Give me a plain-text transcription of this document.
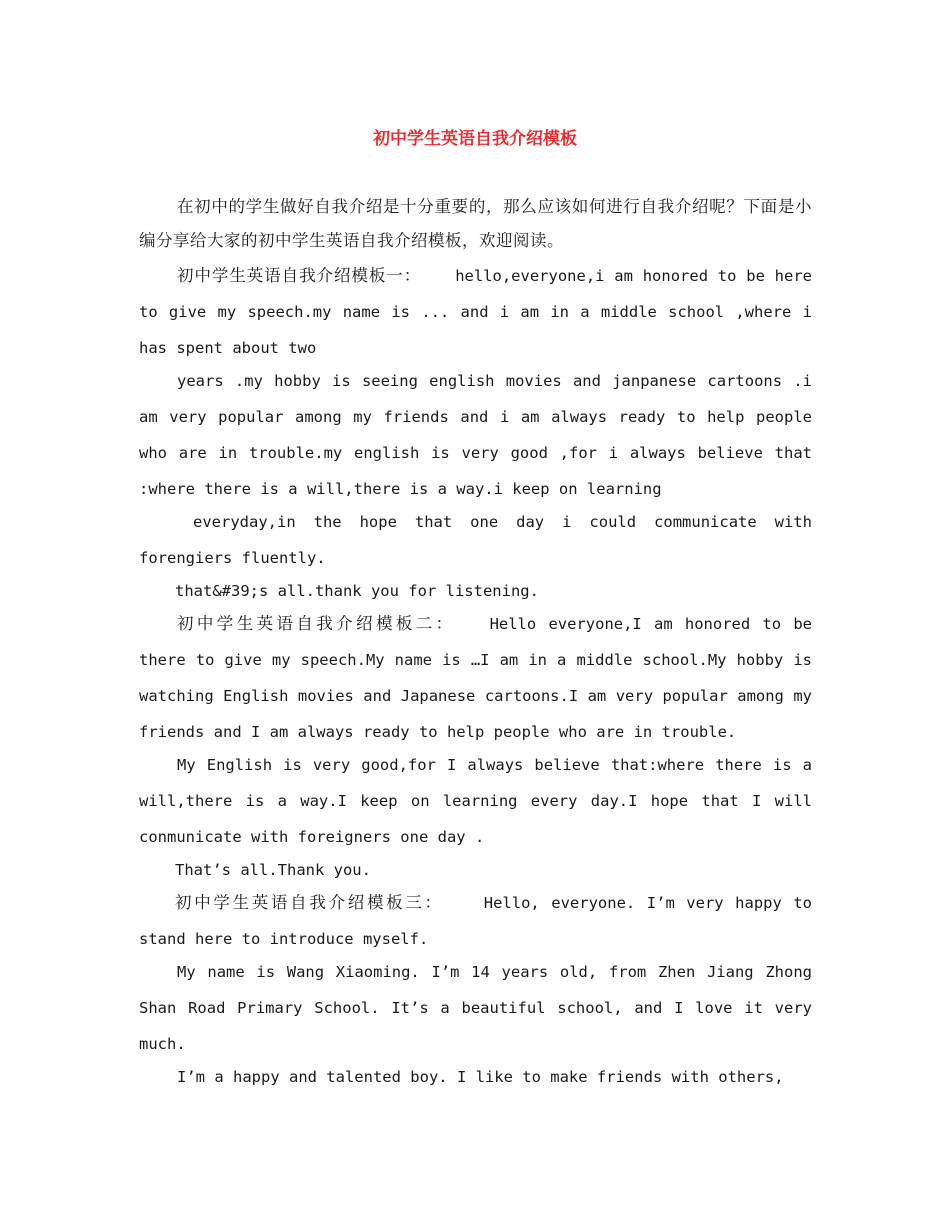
初中学生英语自我介绍模板

在初中的学生做好自我介绍是十分重要的，那么应该如何进行自我介绍呢？下面是小编分享给大家的初中学生英语自我介绍模板，欢迎阅读。

初中学生英语自我介绍模板一： hello,everyone,i am honored to be here to give my speech.my name is ... and i am in a middle school ,where i has spent about two

years .my hobby is seeing english movies and janpanese cartoons .i am very popular among my friends and i am always ready to help people who are in trouble.my english is very good ,for i always believe that :where there is a will,there is a way.i keep on learning

everyday,in the hope that one day i could communicate with forengiers fluently.

that&#39;s all.thank you for listening.

初中学生英语自我介绍模板二： Hello everyone,I am honored to be there to give my speech.My name is …I am in a middle school.My hobby is watching English movies and Japanese cartoons.I am very popular among my friends and I am always ready to help people who are in trouble.

My English is very good,for I always believe that:where there is a will,there is a way.I keep on learning every day.I hope that I will conmunicate with foreigners one day .

That’s all.Thank you.

初中学生英语自我介绍模板三：	Hello, everyone. I’m very happy to stand here to introduce myself.

My name is Wang Xiaoming. I’m 14 years old, from Zhen Jiang Zhong Shan Road Primary School. It’s a beautiful school, and I love it very much.

I’m a happy and talented boy. I like to make friends with others,
